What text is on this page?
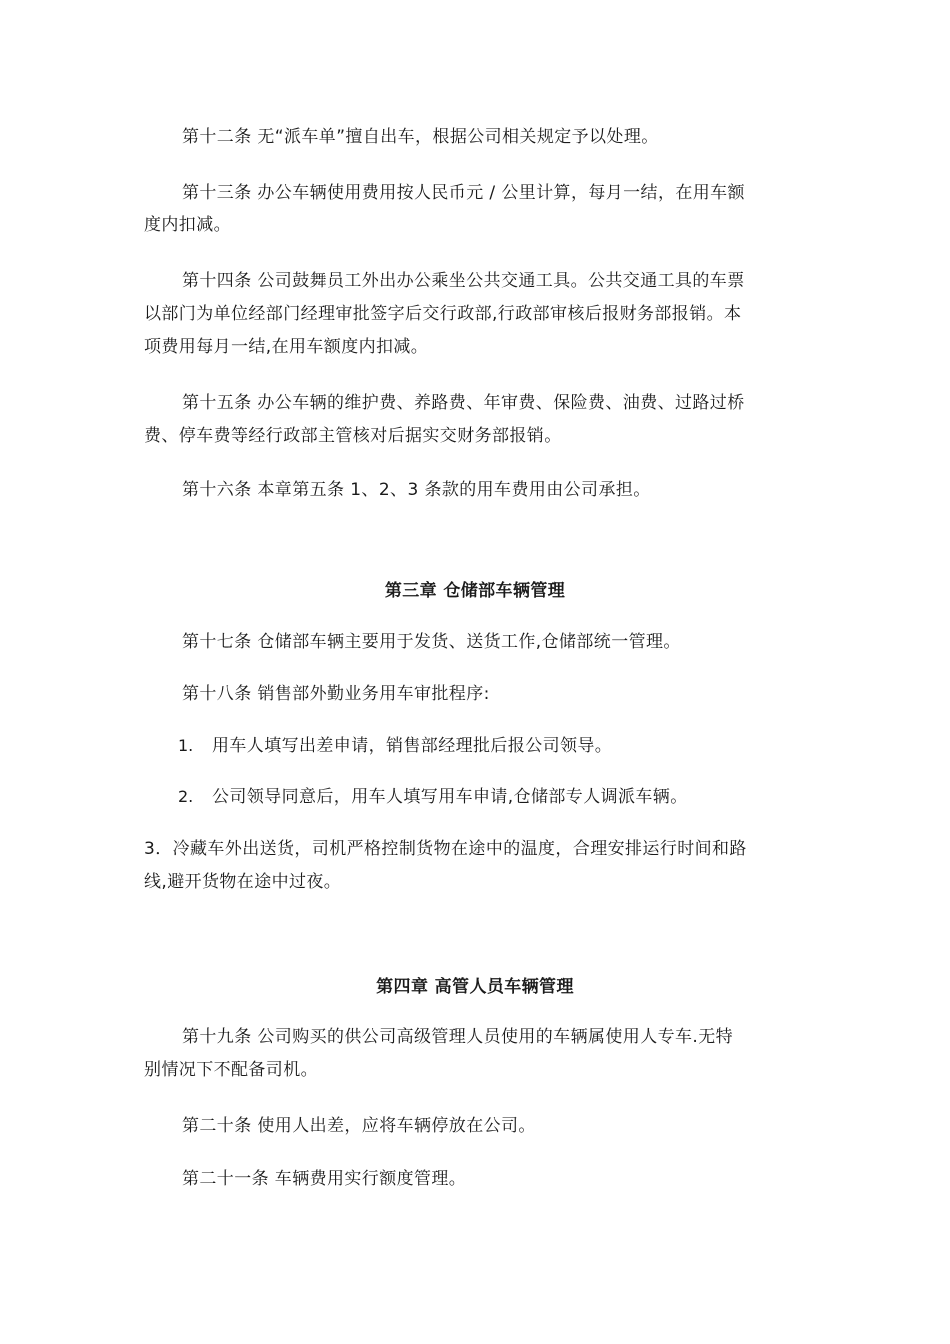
第十二条 无“派车单”擅自出车，根据公司相关规定予以处理。
第十三条 办公车辆使用费用按人民币元 / 公里计算，每月一结，在用车额
度内扣减。
第十四条 公司鼓舞员工外出办公乘坐公共交通工具。公共交通工具的车票
以部门为单位经部门经理审批签字后交行政部,行政部审核后报财务部报销。本
项费用每月一结,在用车额度内扣减。
第十五条 办公车辆的维护费、养路费、年审费、保险费、油费、过路过桥
费、停车费等经行政部主管核对后据实交财务部报销。
第十六条 本章第五条 1、2、3 条款的用车费用由公司承担。
第三章 仓储部车辆管理
第十七条 仓储部车辆主要用于发货、送货工作,仓储部统一管理。
第十八条 销售部外勤业务用车审批程序:
1. 用车人填写出差申请，销售部经理批后报公司领导。
2. 公司领导同意后，用车人填写用车申请,仓储部专人调派车辆。
3．冷藏车外出送货，司机严格控制货物在途中的温度，合理安排运行时间和路
线,避开货物在途中过夜。
第四章 高管人员车辆管理
第十九条 公司购买的供公司高级管理人员使用的车辆属使用人专车.无特
别情况下不配备司机。
第二十条 使用人出差，应将车辆停放在公司。
第二十一条 车辆费用实行额度管理。
